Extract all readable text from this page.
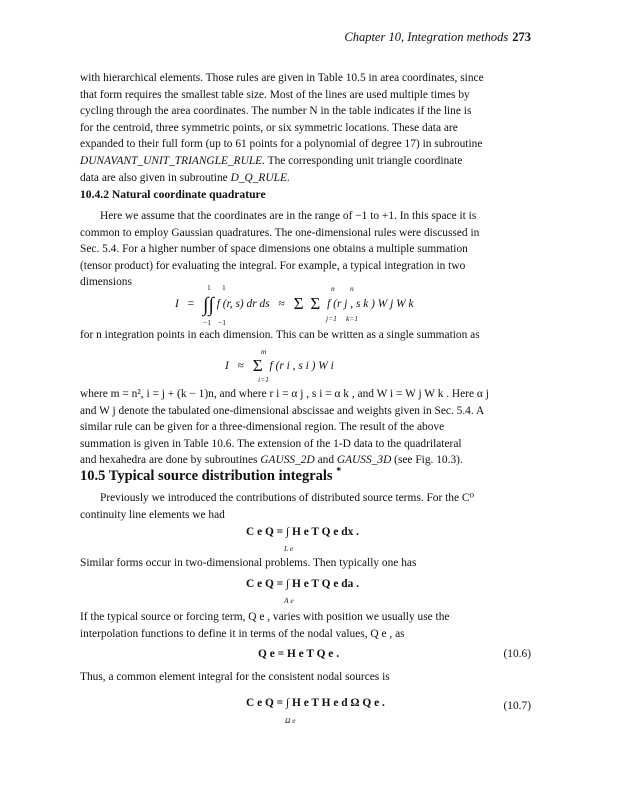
Chapter 10, Integration methods 273
with hierarchical elements. Those rules are given in Table 10.5 in area coordinates, since
that form requires the smallest table size. Most of the lines are used multiple times by
cycling through the area coordinates. The number N in the table indicates if the line is
for the centroid, three symmetric points, or six symmetric locations. These data are
expanded to their full form (up to 61 points for a polynomial of degree 17) in subroutine
DUNAVANT_UNIT_TRIANGLE_RULE. The corresponding unit triangle coordinate
data are also given in subroutine D_Q_RULE.
10.4.2 Natural coordinate quadrature
Here we assume that the coordinates are in the range of −1 to +1. In this space it is
common to employ Gaussian quadratures. The one-dimensional rules were discussed in
Sec. 5.4. For a higher number of space dimensions one obtains a multiple summation
(tensor product) for evaluating the integral. For example, a typical integration in two
dimensions
I = ∫∫ f (r, s) dr ds ≈ Σ Σ f (r j , s k ) W j W k
1 1
−1 −1
n n
j=1 k=1
for n integration points in each dimension. This can be written as a single summation as
I ≈ Σ f (r i , s i ) W i
m
i=1
where m = n², i = j + (k − 1)n, and where r i = α j , s i = α k , and W i = W j W k . Here α j
and W j denote the tabulated one-dimensional abscissae and weights given in Sec. 5.4. A
similar rule can be given for a three-dimensional region. The result of the above
summation is given in Table 10.6. The extension of the 1-D data to the quadrilateral
and hexahedra are done by subroutines GAUSS_2D and GAUSS_3D (see Fig. 10.3).
10.5 Typical source distribution integrals *
Previously we introduced the contributions of distributed source terms. For the C⁰
continuity line elements we had
C e Q = ∫ H e T Q e dx .
L e
Similar forms occur in two-dimensional problems. Then typically one has
C e Q = ∫ H e T Q e da .
A e
If the typical source or forcing term, Q e , varies with position we usually use the
interpolation functions to define it in terms of the nodal values, Q e , as
Q e = H e T Q e .	(10.6)
Thus, a common element integral for the consistent nodal sources is
C e Q = ∫ H e T H e d Ω Q e .
Ω e
(10.7)
